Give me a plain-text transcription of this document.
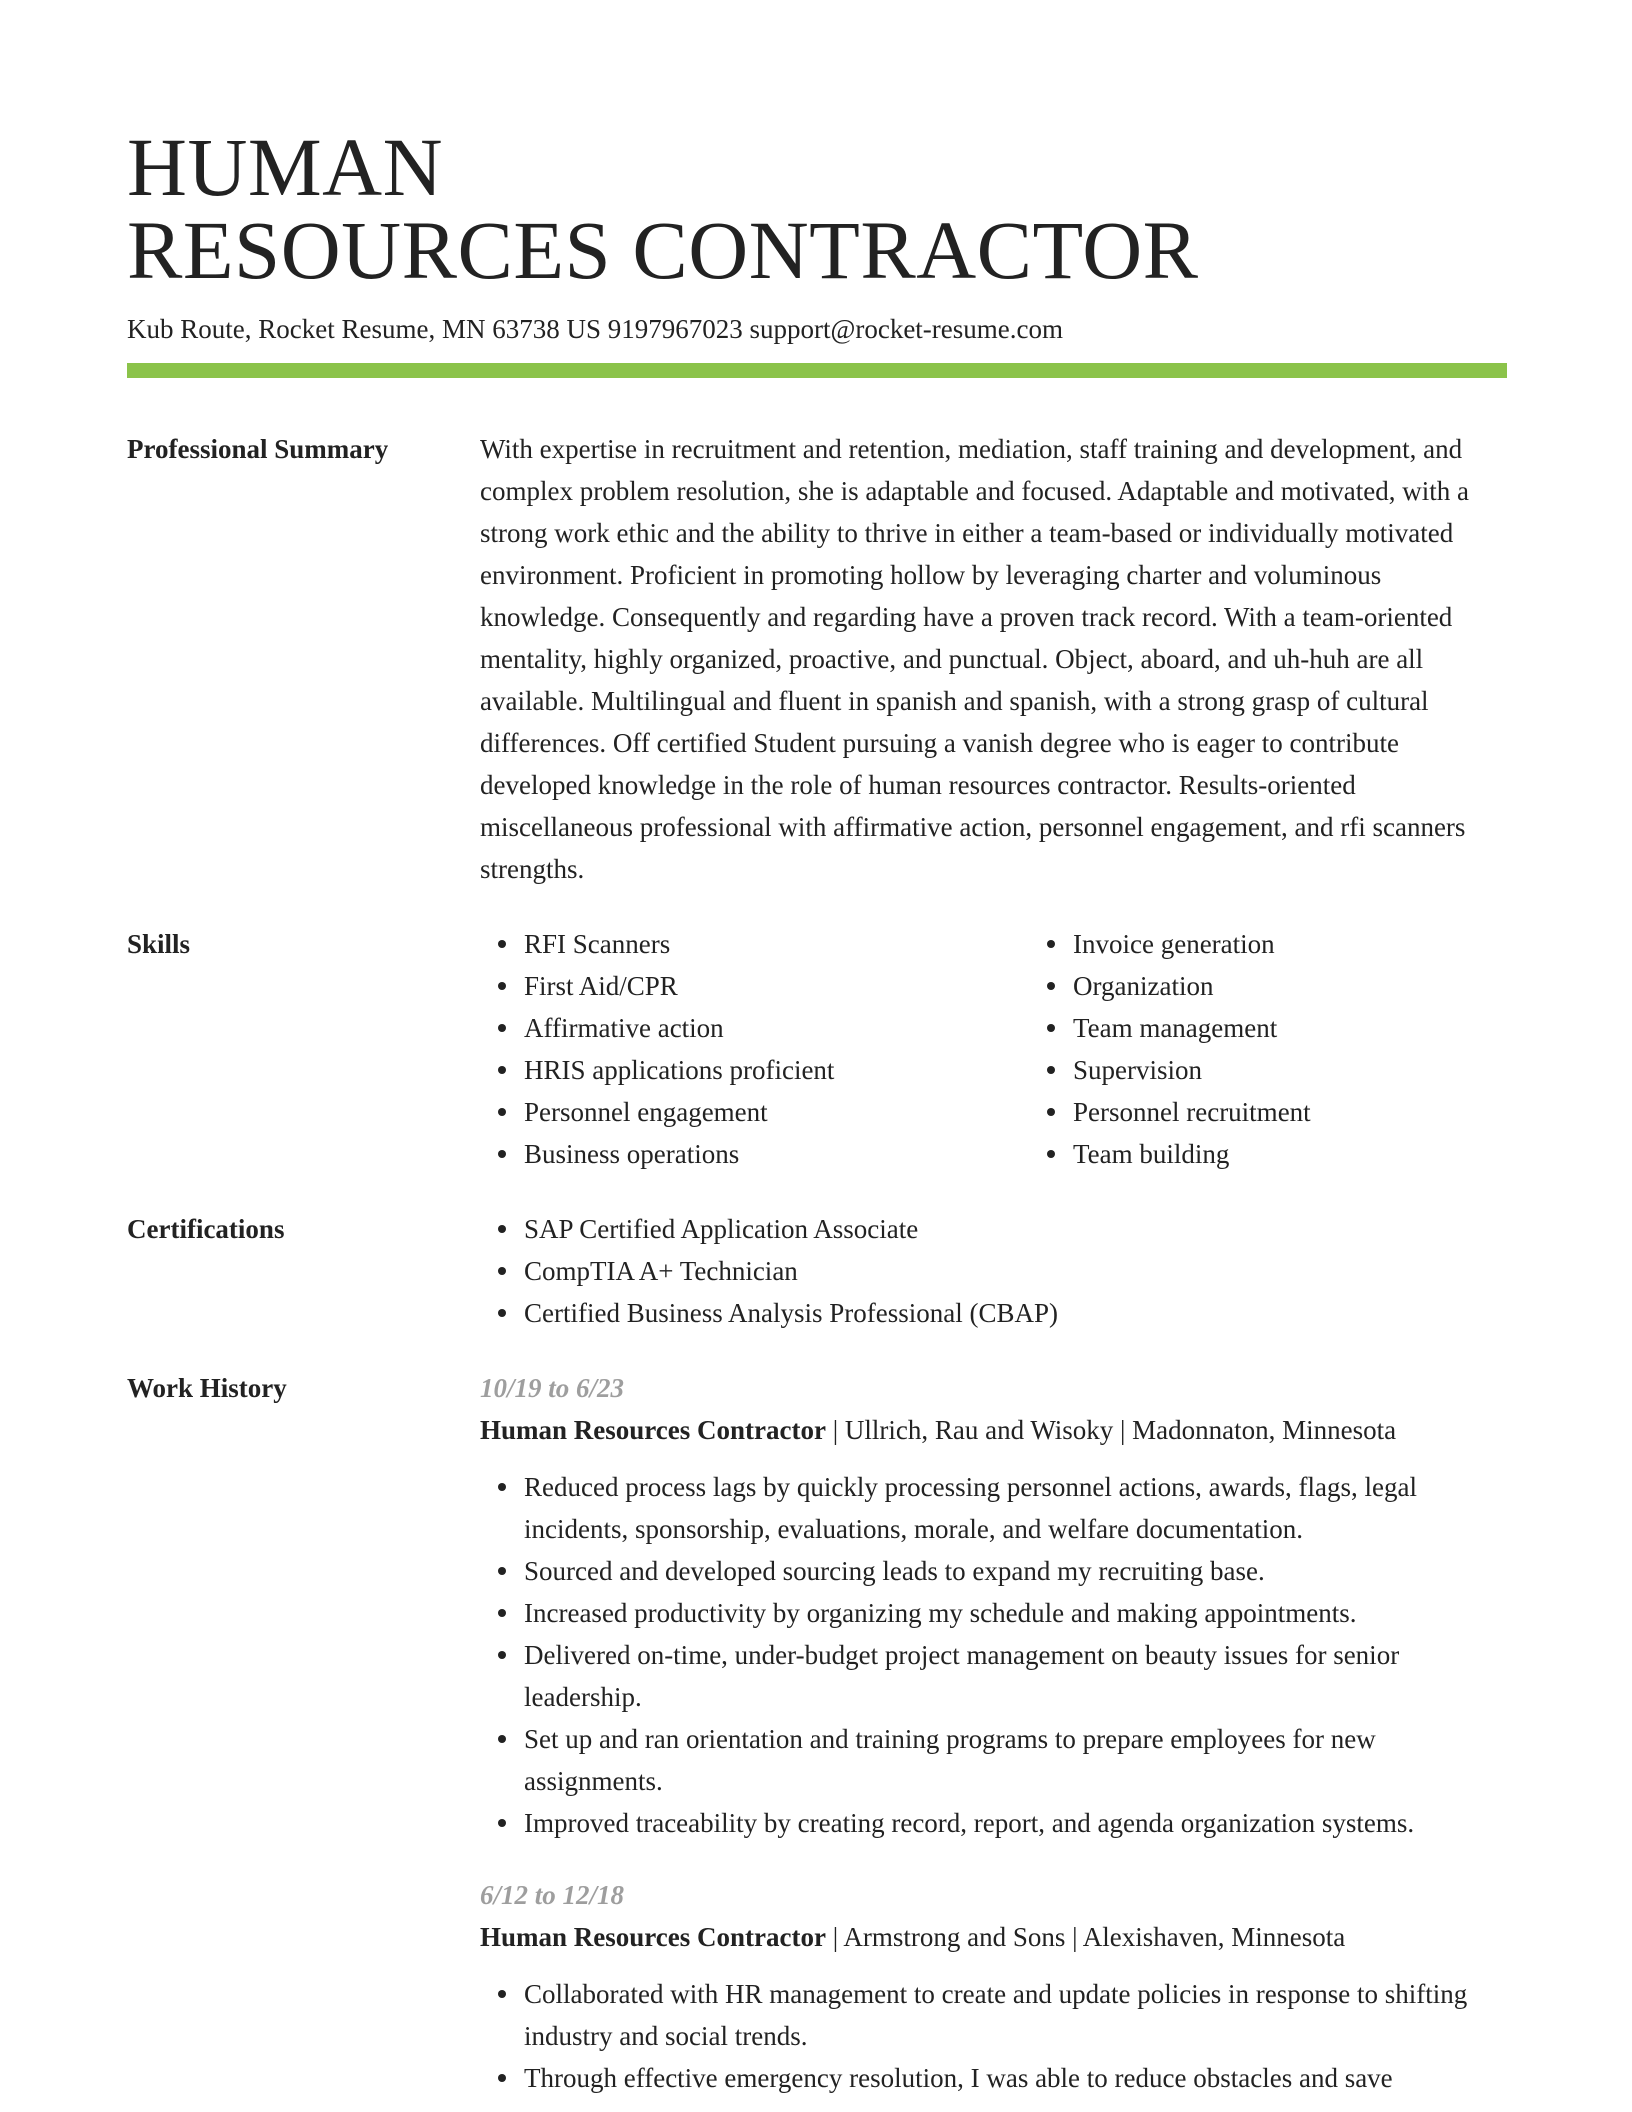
HUMAN
RESOURCES CONTRACTOR
Kub Route, Rocket Resume, MN 63738 US 9197967023 support@rocket-resume.com
Professional Summary	With expertise in recruitment and retention, mediation, staff training and development, and complex problem resolution, she is adaptable and focused. Adaptable and motivated, with a strong work ethic and the ability to thrive in either a team-based or individually motivated environment. Proficient in promoting hollow by leveraging charter and voluminous knowledge. Consequently and regarding have a proven track record. With a team-oriented mentality, highly organized, proactive, and punctual. Object, aboard, and uh-huh are all available. Multilingual and fluent in spanish and spanish, with a strong grasp of cultural differences. Off certified Student pursuing a vanish degree who is eager to contribute developed knowledge in the role of human resources contractor. Results-oriented miscellaneous professional with affirmative action, personnel engagement, and rfi scanners strengths.
Skills	RFI Scanners
First Aid/CPR
Affirmative action
HRIS applications proficient
Personnel engagement
Business operations
Invoice generation
Organization
Team management
Supervision
Personnel recruitment
Team building
Certifications	SAP Certified Application Associate
CompTIA A+ Technician
Certified Business Analysis Professional (CBAP)
Work History	10/19 to 6/23
Human Resources Contractor | Ullrich, Rau and Wisoky | Madonnaton, Minnesota
Reduced process lags by quickly processing personnel actions, awards, flags, legal incidents, sponsorship, evaluations, morale, and welfare documentation.
Sourced and developed sourcing leads to expand my recruiting base.
Increased productivity by organizing my schedule and making appointments.
Delivered on-time, under-budget project management on beauty issues for senior leadership.
Set up and ran orientation and training programs to prepare employees for new assignments.
Improved traceability by creating record, report, and agenda organization systems.
6/12 to 12/18
Human Resources Contractor | Armstrong and Sons | Alexishaven, Minnesota
Collaborated with HR management to create and update policies in response to shifting industry and social trends.
Through effective emergency resolution, I was able to reduce obstacles and save
